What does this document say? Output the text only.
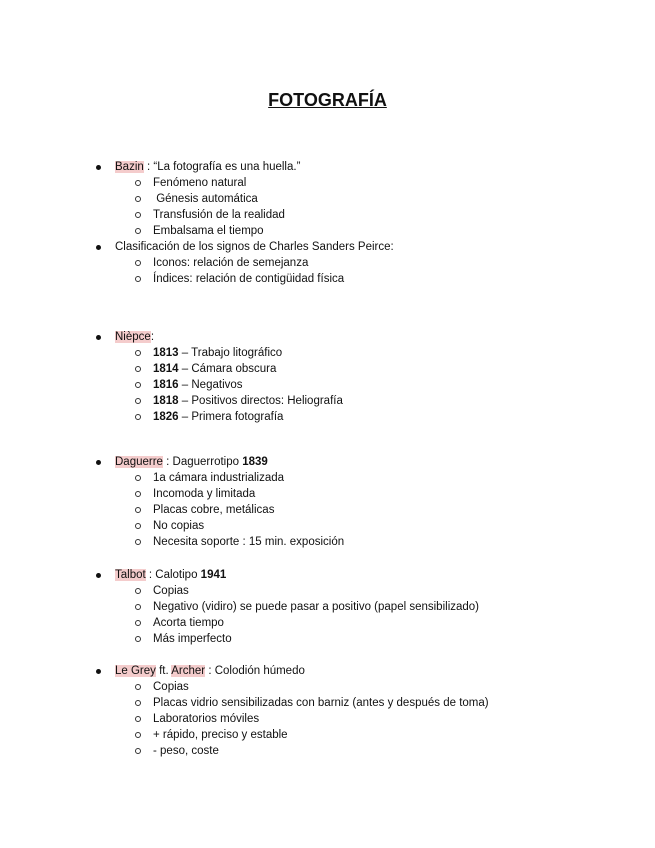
FOTOGRAFÍA
Bazin : “La fotografía es una huella.”
Fenómeno natural
Génesis automática
Transfusión de la realidad
Embalsama el tiempo
Clasificación de los signos de Charles Sanders Peirce:
Iconos: relación de semejanza
Índices: relación de contigüidad física
Nièpce:
1813 – Trabajo litográfico
1814 – Cámara obscura
1816 – Negativos
1818 – Positivos directos: Heliografía
1826 – Primera fotografía
Daguerre : Daguerrotipo 1839
1a cámara industrializada
Incomoda y limitada
Placas cobre, metálicas
No copias
Necesita soporte : 15 min. exposición
Talbot : Calotipo 1941
Copias
Negativo (vidiro) se puede pasar a positivo (papel sensibilizado)
Acorta tiempo
Más imperfecto
Le Grey ft. Archer : Colodión húmedo
Copias
Placas vidrio sensibilizadas con barniz (antes y después de toma)
Laboratorios móviles
+ rápido, preciso y estable
- peso, coste
